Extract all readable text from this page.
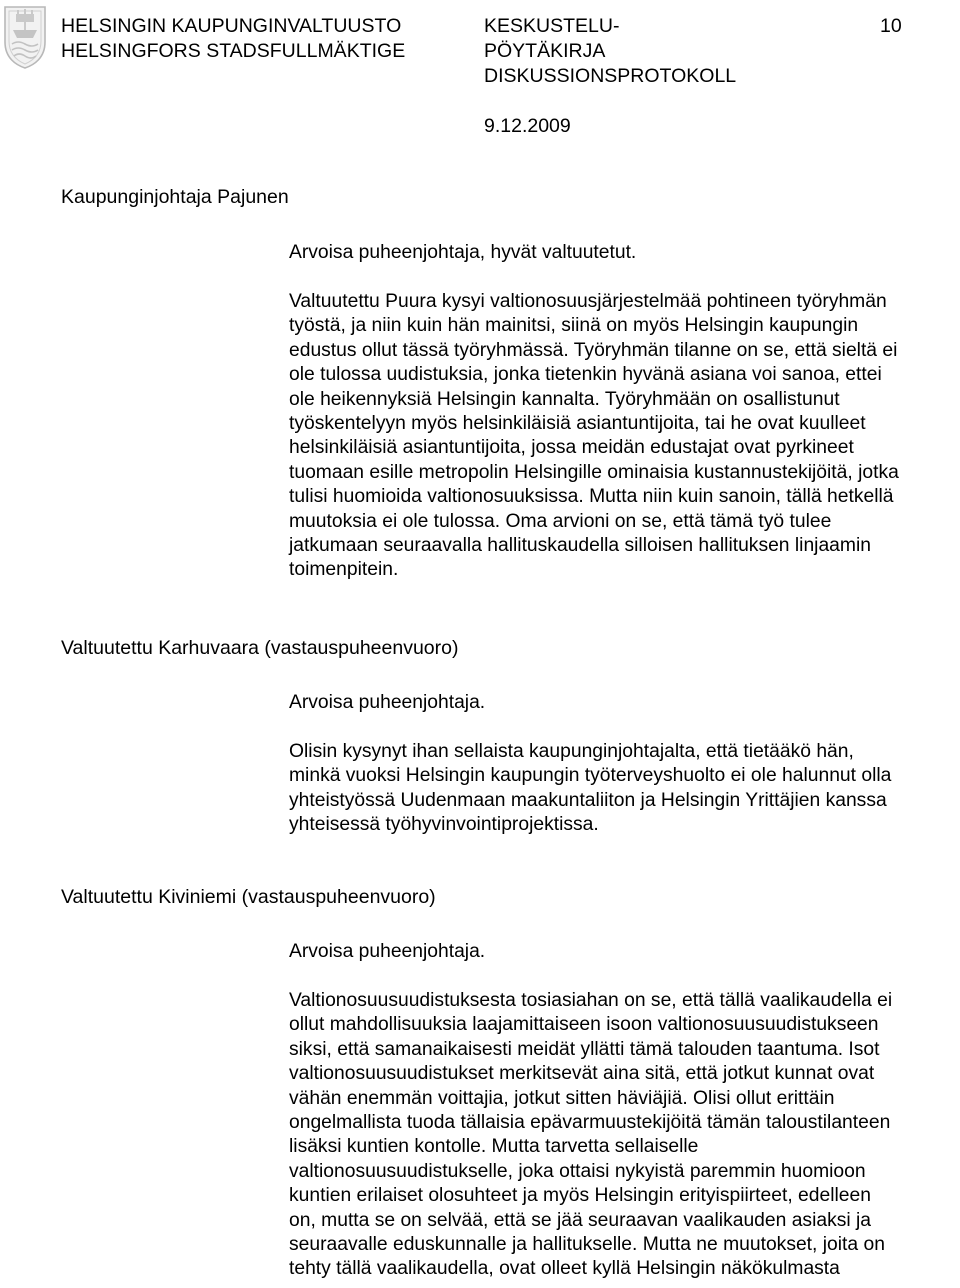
HELSINGIN KAUPUNGINVALTUUSTO
HELSINGFORS STADSFULLMÄKTIGE
KESKUSTELU-
PÖYTÄKIRJA
DISKUSSIONSPROTOKOLL
9.12.2009
10
Kaupunginjohtaja Pajunen
Arvoisa puheenjohtaja, hyvät valtuutetut.
Valtuutettu Puura kysyi valtionosuusjärjestelmää pohtineen työryhmän
työstä, ja niin kuin hän mainitsi, siinä on myös Helsingin kaupungin
edustus ollut tässä työryhmässä. Työryhmän tilanne on se, että sieltä ei
ole tulossa uudistuksia, jonka tietenkin hyvänä asiana voi sanoa, ettei
ole heikennyksiä Helsingin kannalta. Työryhmään on osallistunut
työskentelyyn myös helsinkiläisiä asiantuntijoita, tai he ovat kuulleet
helsinkiläisiä asiantuntijoita, jossa meidän edustajat ovat pyrkineet
tuomaan esille metropolin Helsingille ominaisia kustannustekijöitä, jotka
tulisi huomioida valtionosuuksissa. Mutta niin kuin sanoin, tällä hetkellä
muutoksia ei ole tulossa. Oma arvioni on se, että tämä työ tulee
jatkumaan seuraavalla hallituskaudella silloisen hallituksen linjaamin
toimenpitein.
Valtuutettu Karhuvaara (vastauspuheenvuoro)
Arvoisa puheenjohtaja.
Olisin kysynyt ihan sellaista kaupunginjohtajalta, että tietääkö hän,
minkä vuoksi Helsingin kaupungin työterveyshuolto ei ole halunnut olla
yhteistyössä Uudenmaan maakuntaliiton ja Helsingin Yrittäjien kanssa
yhteisessä työhyvinvointiprojektissa.
Valtuutettu Kiviniemi (vastauspuheenvuoro)
Arvoisa puheenjohtaja.
Valtionosuusuudistuksesta tosiasiahan on se, että tällä vaalikaudella ei
ollut mahdollisuuksia laajamittaiseen isoon valtionosuusuudistukseen
siksi, että samanaikaisesti meidät yllätti tämä talouden taantuma. Isot
valtionosuusuudistukset merkitsevät aina sitä, että jotkut kunnat ovat
vähän enemmän voittajia, jotkut sitten häviäjiä. Olisi ollut erittäin
ongelmallista tuoda tällaisia epävarmuustekijöitä tämän taloustilanteen
lisäksi kuntien kontolle. Mutta tarvetta sellaiselle
valtionosuusuudistukselle, joka ottaisi nykyistä paremmin huomioon
kuntien erilaiset olosuhteet ja myös Helsingin erityispiirteet, edelleen
on, mutta se on selvää, että se jää seuraavan vaalikauden asiaksi ja
seuraavalle eduskunnalle ja hallitukselle. Mutta ne muutokset, joita on
tehty tällä vaalikaudella, ovat olleet kyllä Helsingin näkökulmasta
